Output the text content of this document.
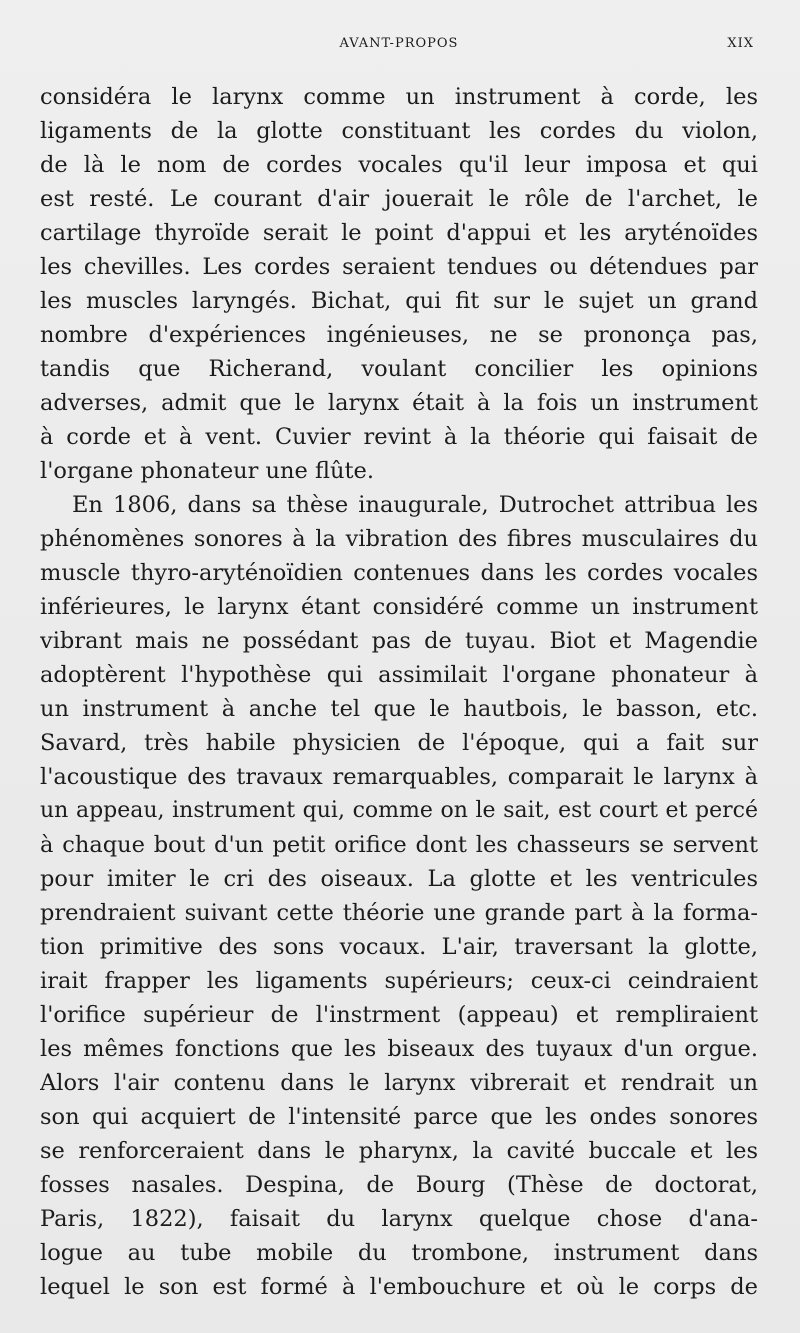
AVANT-PROPOS	XIX
considéra le larynx comme un instrument à corde, les
ligaments de la glotte constituant les cordes du violon,
de là le nom de cordes vocales qu'il leur imposa et qui
est resté. Le courant d'air jouerait le rôle de l'archet, le
cartilage thyroïde serait le point d'appui et les aryténoïdes
les chevilles. Les cordes seraient tendues ou détendues par
les muscles laryngés. Bichat, qui fit sur le sujet un grand
nombre d'expériences ingénieuses, ne se prononça pas,
tandis que Richerand, voulant concilier les opinions
adverses, admit que le larynx était à la fois un instrument
à corde et à vent. Cuvier revint à la théorie qui faisait de
l'organe phonateur une flûte.
En 1806, dans sa thèse inaugurale, Dutrochet attribua les
phénomènes sonores à la vibration des fibres musculaires du
muscle thyro-aryténoïdien contenues dans les cordes vocales
inférieures, le larynx étant considéré comme un instrument
vibrant mais ne possédant pas de tuyau. Biot et Magendie
adoptèrent l'hypothèse qui assimilait l'organe phonateur à
un instrument à anche tel que le hautbois, le basson, etc.
Savard, très habile physicien de l'époque, qui a fait sur
l'acoustique des travaux remarquables, comparait le larynx à
un appeau, instrument qui, comme on le sait, est court et percé
à chaque bout d'un petit orifice dont les chasseurs se servent
pour imiter le cri des oiseaux. La glotte et les ventricules
prendraient suivant cette théorie une grande part à la forma-
tion primitive des sons vocaux. L'air, traversant la glotte,
irait frapper les ligaments supérieurs; ceux-ci ceindraient
l'orifice supérieur de l'instrment (appeau) et rempliraient
les mêmes fonctions que les biseaux des tuyaux d'un orgue.
Alors l'air contenu dans le larynx vibrerait et rendrait un
son qui acquiert de l'intensité parce que les ondes sonores
se renforceraient dans le pharynx, la cavité buccale et les
fosses nasales. Despina, de Bourg (Thèse de doctorat,
Paris, 1822), faisait du larynx quelque chose d'ana-
logue au tube mobile du trombone, instrument dans
lequel le son est formé à l'embouchure et où le corps de
